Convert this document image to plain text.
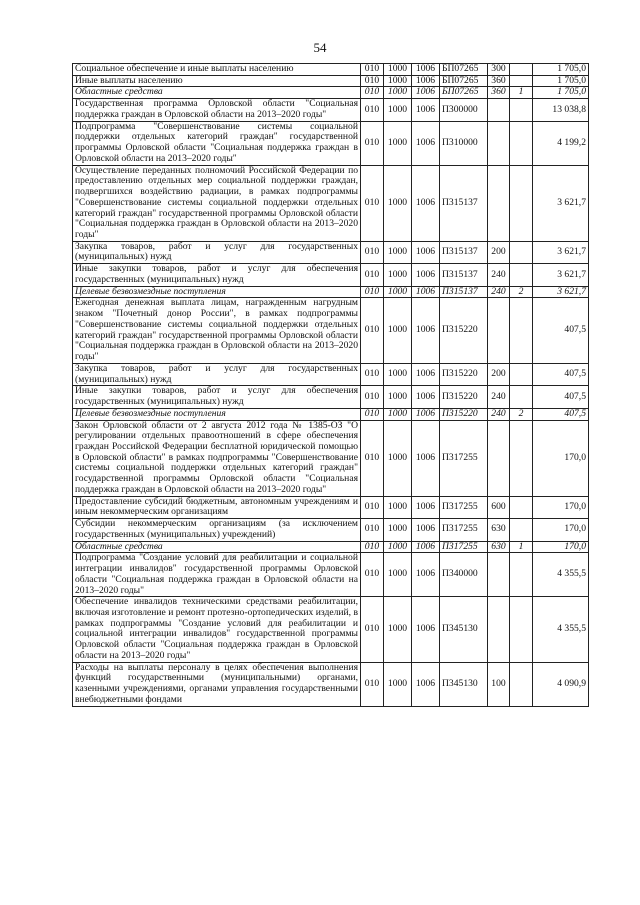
54
Социальное обеспечение и иные выплаты населению	010	1000	1006	БП07265	300		1 705,0
Иные выплаты населению	010	1000	1006	БП07265	360		1 705,0
Областные средства	010	1000	1006	БП07265	360	1	1 705,0
Государственная программа Орловской области "Социальная поддержка граждан в Орловской области на 2013–2020 годы"	010	1000	1006	П300000			13 038,8
Подпрограмма "Совершенствование системы социальной поддержки отдельных категорий граждан" государственной программы Орловской области "Социальная поддержка граждан в Орловской области на 2013–2020 годы"	010	1000	1006	П310000			4 199,2
Осуществление переданных полномочий Российской Федерации по предоставлению отдельных мер социальной поддержки граждан, подвергшихся воздействию радиации, в рамках подпрограммы "Совершенствование системы социальной поддержки отдельных категорий граждан" государственной программы Орловской области "Социальная поддержка граждан в Орловской области на 2013–2020 годы"	010	1000	1006	П315137			3 621,7
Закупка товаров, работ и услуг для государственных (муниципальных) нужд	010	1000	1006	П315137	200		3 621,7
Иные закупки товаров, работ и услуг для обеспечения государственных (муниципальных) нужд	010	1000	1006	П315137	240		3 621,7
Целевые безвозмездные поступления	010	1000	1006	П315137	240	2	3 621,7
Ежегодная денежная выплата лицам, награжденным нагрудным знаком "Почетный донор России", в рамках подпрограммы "Совершенствование системы социальной поддержки отдельных категорий граждан" государственной программы Орловской области "Социальная поддержка граждан в Орловской области на 2013–2020 годы"	010	1000	1006	П315220			407,5
Закупка товаров, работ и услуг для государственных (муниципальных) нужд	010	1000	1006	П315220	200		407,5
Иные закупки товаров, работ и услуг для обеспечения государственных (муниципальных) нужд	010	1000	1006	П315220	240		407,5
Целевые безвозмездные поступления	010	1000	1006	П315220	240	2	407,5
Закон Орловской области от 2 августа 2012 года № 1385-ОЗ "О регулировании отдельных правоотношений в сфере обеспечения граждан Российской Федерации бесплатной юридической помощью в Орловской области" в рамках подпрограммы "Совершенствование системы социальной поддержки отдельных категорий граждан" государственной программы Орловской области "Социальная поддержка граждан в Орловской области на 2013–2020 годы"	010	1000	1006	П317255			170,0
Предоставление субсидий бюджетным, автономным учреждениям и иным некоммерческим организациям	010	1000	1006	П317255	600		170,0
Субсидии некоммерческим организациям (за исключением государственных (муниципальных) учреждений)	010	1000	1006	П317255	630		170,0
Областные средства	010	1000	1006	П317255	630	1	170,0
Подпрограмма "Создание условий для реабилитации и социальной интеграции инвалидов" государственной программы Орловской области "Социальная поддержка граждан в Орловской области на 2013–2020 годы"	010	1000	1006	П340000			4 355,5
Обеспечение инвалидов техническими средствами реабилитации, включая изготовление и ремонт протезно-ортопедических изделий, в рамках подпрограммы "Создание условий для реабилитации и социальной интеграции инвалидов" государственной программы Орловской области "Социальная поддержка граждан в Орловской области на 2013–2020 годы"	010	1000	1006	П345130			4 355,5
Расходы на выплаты персоналу в целях обеспечения выполнения функций государственными (муниципальными) органами, казенными учреждениями, органами управления государственными внебюджетными фондами	010	1000	1006	П345130	100		4 090,9
